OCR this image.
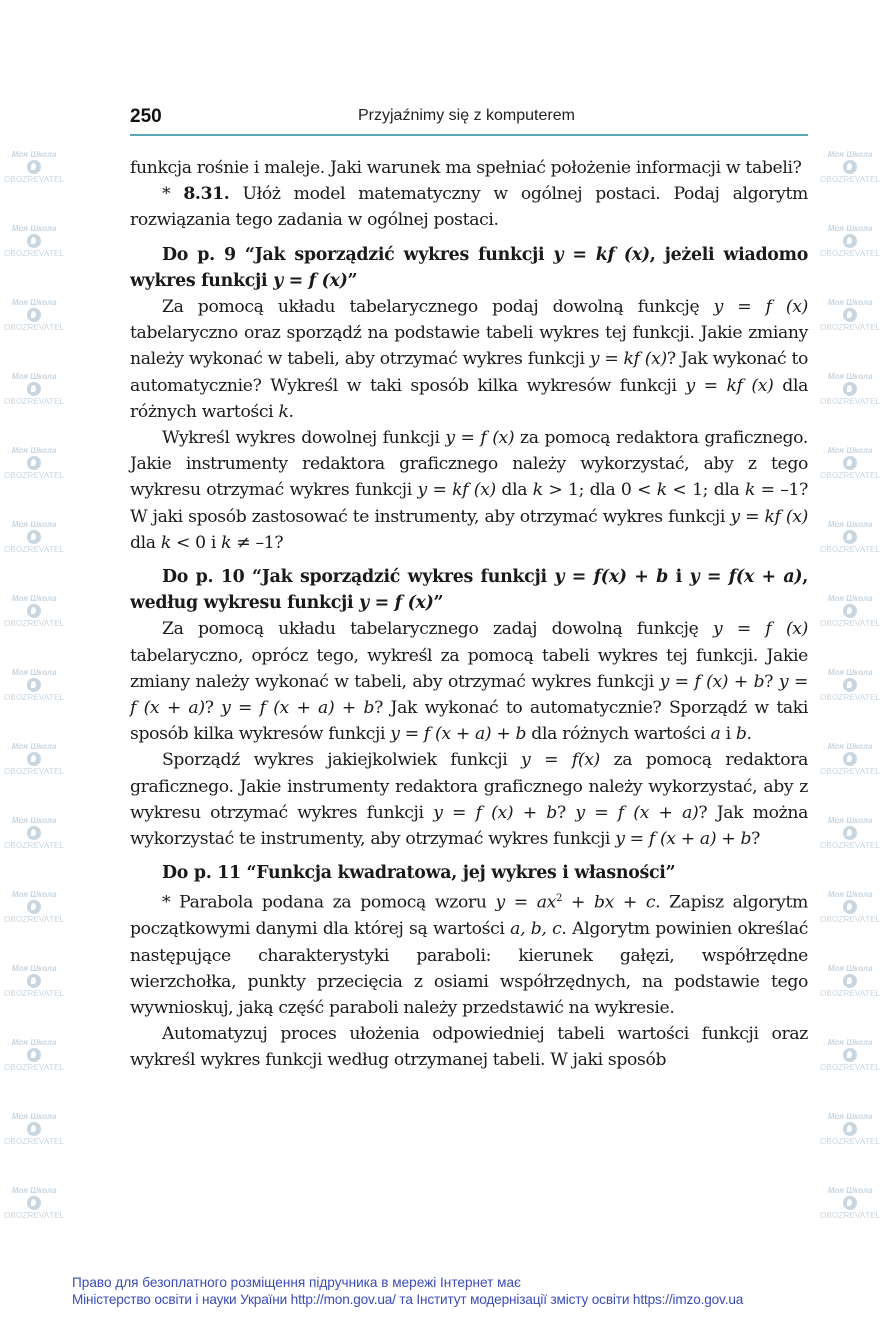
Моя Школа
OBOZREVATEL
Моя Школа
OBOZREVATEL
Моя Школа
OBOZREVATEL
Моя Школа
OBOZREVATEL
Моя Школа
OBOZREVATEL
Моя Школа
OBOZREVATEL
Моя Школа
OBOZREVATEL
Моя Школа
OBOZREVATEL
Моя Школа
OBOZREVATEL
Моя Школа
OBOZREVATEL
Моя Школа
OBOZREVATEL
Моя Школа
OBOZREVATEL
Моя Школа
OBOZREVATEL
Моя Школа
OBOZREVATEL
Моя Школа
OBOZREVATEL
Моя Школа
OBOZREVATEL
Моя Школа
OBOZREVATEL
Моя Школа
OBOZREVATEL
Моя Школа
OBOZREVATEL
Моя Школа
OBOZREVATEL
Моя Школа
OBOZREVATEL
Моя Школа
OBOZREVATEL
Моя Школа
OBOZREVATEL
Моя Школа
OBOZREVATEL
Моя Школа
OBOZREVATEL
Моя Школа
OBOZREVATEL
Моя Школа
OBOZREVATEL
Моя Школа
OBOZREVATEL
Моя Школа
OBOZREVATEL
Моя Школа
OBOZREVATEL
250	Przyjaźnimy się z komputerem

funkcja rośnie i maleje. Jaki warunek ma spełniać położenie informacji w tabeli?

* 8.31. Ułóż model matematyczny w ogólnej postaci. Podaj algorytm rozwiązania tego zadania w ogólnej postaci.

Do p. 9 “Jak sporządzić wykres funkcji y = kf (x), jeżeli wiadomo wykres funkcji y = f (x)”

Za pomocą układu tabelarycznego podaj dowolną funkcję y = f (x) tabelarycznо oraz sporządź na podstawie tabeli wykres tej funkcji. Jakie zmiany należy wykonać w tabeli, aby otrzymać wykres funkcji y = kf (x)? Jak wykonać to automatycznie? Wykreśl w taki sposób kilka wykresów funkcji y = kf (x) dla różnych wartości k.

Wykreśl wykres dowolnej funkcji y = f (x) za pomocą redaktora graficznego. Jakie instrumenty redaktora graficznego należy wykorzystać, aby z tego wykresu otrzymać wykres funkcji y = kf (x) dla k > 1; dla 0 < k < 1; dla k = –1? W jaki sposób zastosować te instrumenty, aby otrzymać wykres funkcji y = kf (x) dla k < 0 i k ≠ –1?

Do p. 10 “Jak sporządzić wykres funkcji y = f(x) + b i y = f(x + a), według wykresu funkcji y = f (x)”

Za pomocą układu tabelarycznego zadaj dowolną funkcję y = f (x) tabelarycznо, oprócz tego, wykreśl za pomocą tabeli wykres tej funkcji. Jakie zmiany należy wykonać w tabeli, aby otrzymać wykres funkcji y = f (x) + b? y = f (x + a)? y = f (x + a) + b? Jak wykonać to automatycznie? Sporządź w taki sposób kilka wykresów funkcji y = f (x + a) + b dla różnych wartości a i b.

Sporządź wykres jakiejkolwiek funkcji y = f(x) za pomocą redaktora graficznego. Jakie instrumenty redaktora graficznego należy wykorzystać, aby z wykresu otrzymać wykres funkcji y = f (x) + b? y = f (x + a)? Jak można wykorzystać te instrumenty, aby otrzymać wykres funkcji y = f (x + a) + b?

Do p. 11 “Funkcja kwadratowa, jej wykres i własności”

* Parabola podana za pomocą wzoru $y = ax^2$ + bx + c. Zapisz algorytm początkowymi danymi dla której są wartości a, b, c. Algorytm powinien określać następujące charakterystyki paraboli: kierunek gałęzi, współrzędne wierzchołka, punkty przecięcia z osiami współrzędnych, na podstawie tego wywnioskuj, jaką część paraboli należy przedstawić na wykresie.

Automatyzuj proces ułożenia odpowiedniej tabeli wartości funkcji oraz wykreśl wykres funkcji według otrzymanej tabeli. W jaki sposób

Право для безоплатного розміщення підручника в мережі Інтернет має
Міністерство освіти і науки України http://mon.gov.ua/ та Інститут модернізації змісту освіти https://imzo.gov.ua
